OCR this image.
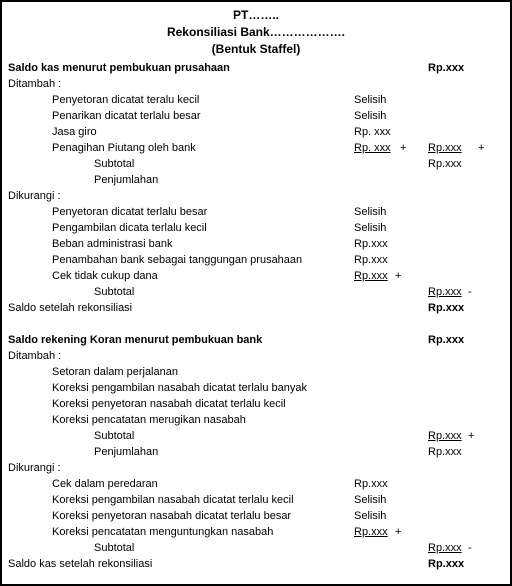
PT……..
Rekonsiliasi Bank……………….
(Bentuk Staffel)
Saldo kas menurut pembukuan prusahaan	Rp.xxx
Ditambah :
Penyetoran dicatat teralu kecil	Selisih
Penarikan dicatat terlalu besar	Selisih
Jasa giro	Rp. xxx
Penagihan Piutang oleh bank	Rp. xxx + Rp.xxx +
Subtotal	Rp.xxx
Penjumlahan
Dikurangi :
Penyetoran dicatat terlalu besar	Selisih
Pengambilan dicata terlalu kecil	Selisih
Beban administrasi bank	Rp.xxx
Penambahan bank sebagai tanggungan prusahaan	Rp.xxx
Cek tidak cukup dana	Rp.xxx +
Subtotal	Rp.xxx -
Saldo setelah rekonsiliasi	Rp.xxx
Saldo rekening Koran menurut pembukuan bank	Rp.xxx
Ditambah :
Setoran dalam perjalanan
Koreksi pengambilan nasabah dicatat terlalu banyak
Koreksi penyetoran nasabah dicatat terlalu kecil
Koreksi pencatatan merugikan nasabah
Subtotal	Rp.xxx +
Penjumlahan	Rp.xxx
Dikurangi :
Cek dalam peredaran	Rp.xxx
Koreksi pengambilan nasabah dicatat terlalu kecil	Selisih
Koreksi penyetoran nasabah dicatat terlalu besar	Selisih
Koreksi pencatatan menguntungkan nasabah	Rp.xxx +
Subtotal	Rp.xxx -
Saldo kas setelah rekonsiliasi	Rp.xxx
